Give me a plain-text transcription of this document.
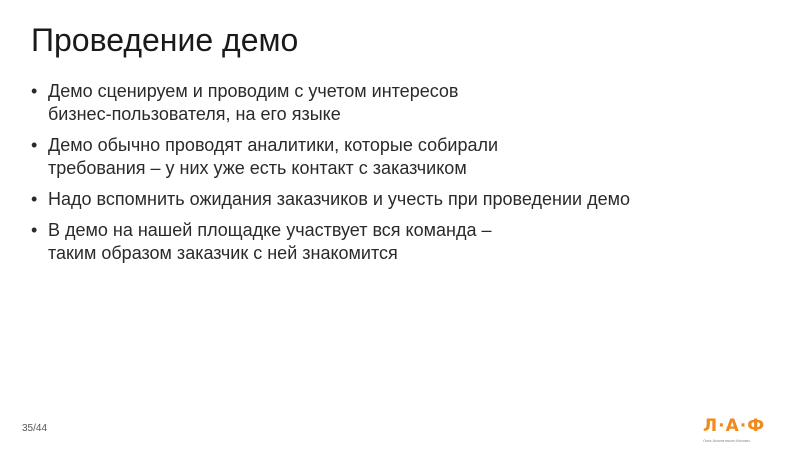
Проведение демо
• Демо сценируем и проводим с учетом интересов
бизнес-пользователя, на его языке
• Демо обычно проводят аналитики, которые собирали
требования – у них уже есть контакт с заказчиком
• Надо вспомнить ожидания заказчиков и учесть при проведении демо
• В демо на нашей площадке участвует вся команда –
таким образом заказчик с ней знакомится
35/44	Л·А·Ф
Лига Аналитиков Москвы
